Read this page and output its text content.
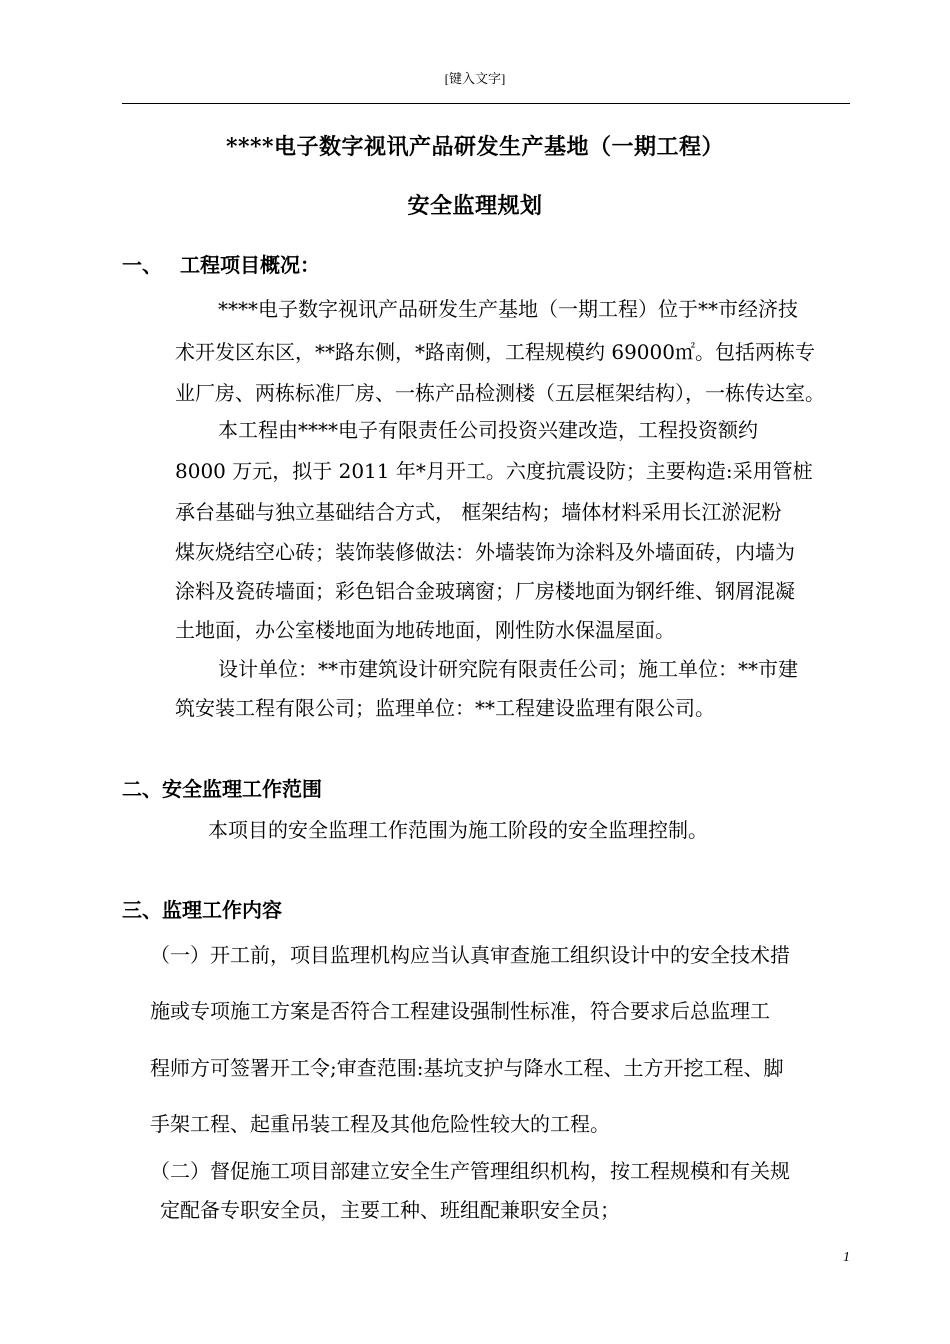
[键入文字]
****电子数字视讯产品研发生产基地（一期工程）
安全监理规划
一、 工程项目概况：
****电子数字视讯产品研发生产基地（一期工程）位于**市经济技
术开发区东区，**路东侧，*路南侧，工程规模约 69000㎡。包括两栋专
业厂房、两栋标准厂房、一栋产品检测楼（五层框架结构），一栋传达室。
本工程由****电子有限责任公司投资兴建改造，工程投资额约
8000 万元，拟于 2011 年*月开工。六度抗震设防；主要构造:采用管桩
承台基础与独立基础结合方式， 框架结构；墙体材料采用长江淤泥粉
煤灰烧结空心砖；装饰装修做法：外墙装饰为涂料及外墙面砖，内墙为
涂料及瓷砖墙面；彩色铝合金玻璃窗；厂房楼地面为钢纤维、钢屑混凝
土地面，办公室楼地面为地砖地面，刚性防水保温屋面。
设计单位：**市建筑设计研究院有限责任公司；施工单位：**市建
筑安装工程有限公司；监理单位：**工程建设监理有限公司。
二、安全监理工作范围
本项目的安全监理工作范围为施工阶段的安全监理控制。
三、监理工作内容
（一）开工前，项目监理机构应当认真审查施工组织设计中的安全技术措
施或专项施工方案是否符合工程建设强制性标准，符合要求后总监理工
程师方可签署开工令;审查范围:基坑支护与降水工程、土方开挖工程、脚
手架工程、起重吊装工程及其他危险性较大的工程。
（二）督促施工项目部建立安全生产管理组织机构，按工程规模和有关规
定配备专职安全员，主要工种、班组配兼职安全员；
1
